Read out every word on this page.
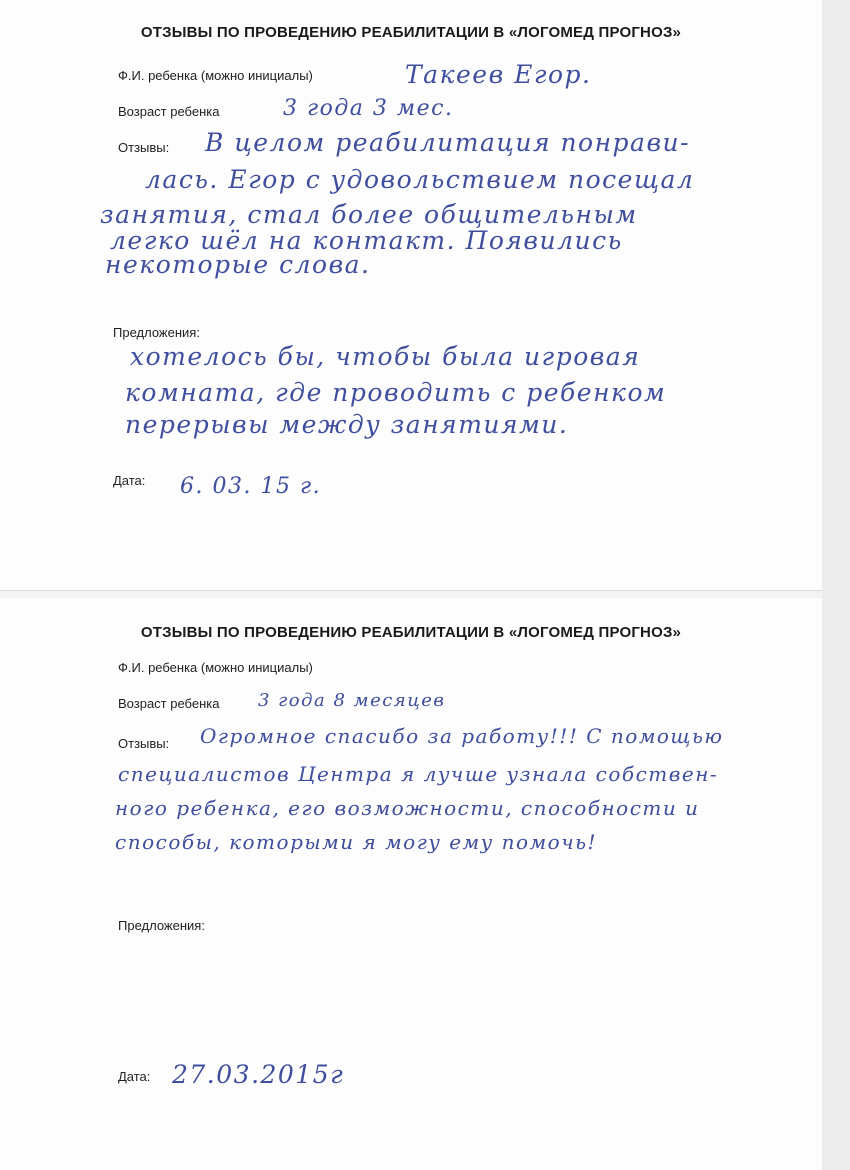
ОТЗЫВЫ ПО ПРОВЕДЕНИЮ РЕАБИЛИТАЦИИ В «ЛОГОМЕД ПРОГНОЗ»
Ф.И. ребенка (можно инициалы)	Такеев Егор.
Возраст ребенка	3 года 3 мес.
Отзывы: В целом реабилитация понрави-
лась. Егор с удовольствием посещал
занятия, стал более общительным
легко шёл на контакт. Появились
некоторые слова.
Предложения:
хотелось бы, чтобы была игровая
комната, где проводить с ребенком
перерывы между занятиями.
Дата: 6. 03. 15 г.
ОТЗЫВЫ ПО ПРОВЕДЕНИЮ РЕАБИЛИТАЦИИ В «ЛОГОМЕД ПРОГНОЗ»
Ф.И. ребенка (можно инициалы)
Возраст ребенка 3 года 8 месяцев
Отзывы: Огромное спасибо за работу!!! С помощью
специалистов Центра я лучше узнала собствен-
ного ребенка, его возможности, способности и
способы, которыми я могу ему помочь!
Предложения:
Дата: 27.03.2015г
